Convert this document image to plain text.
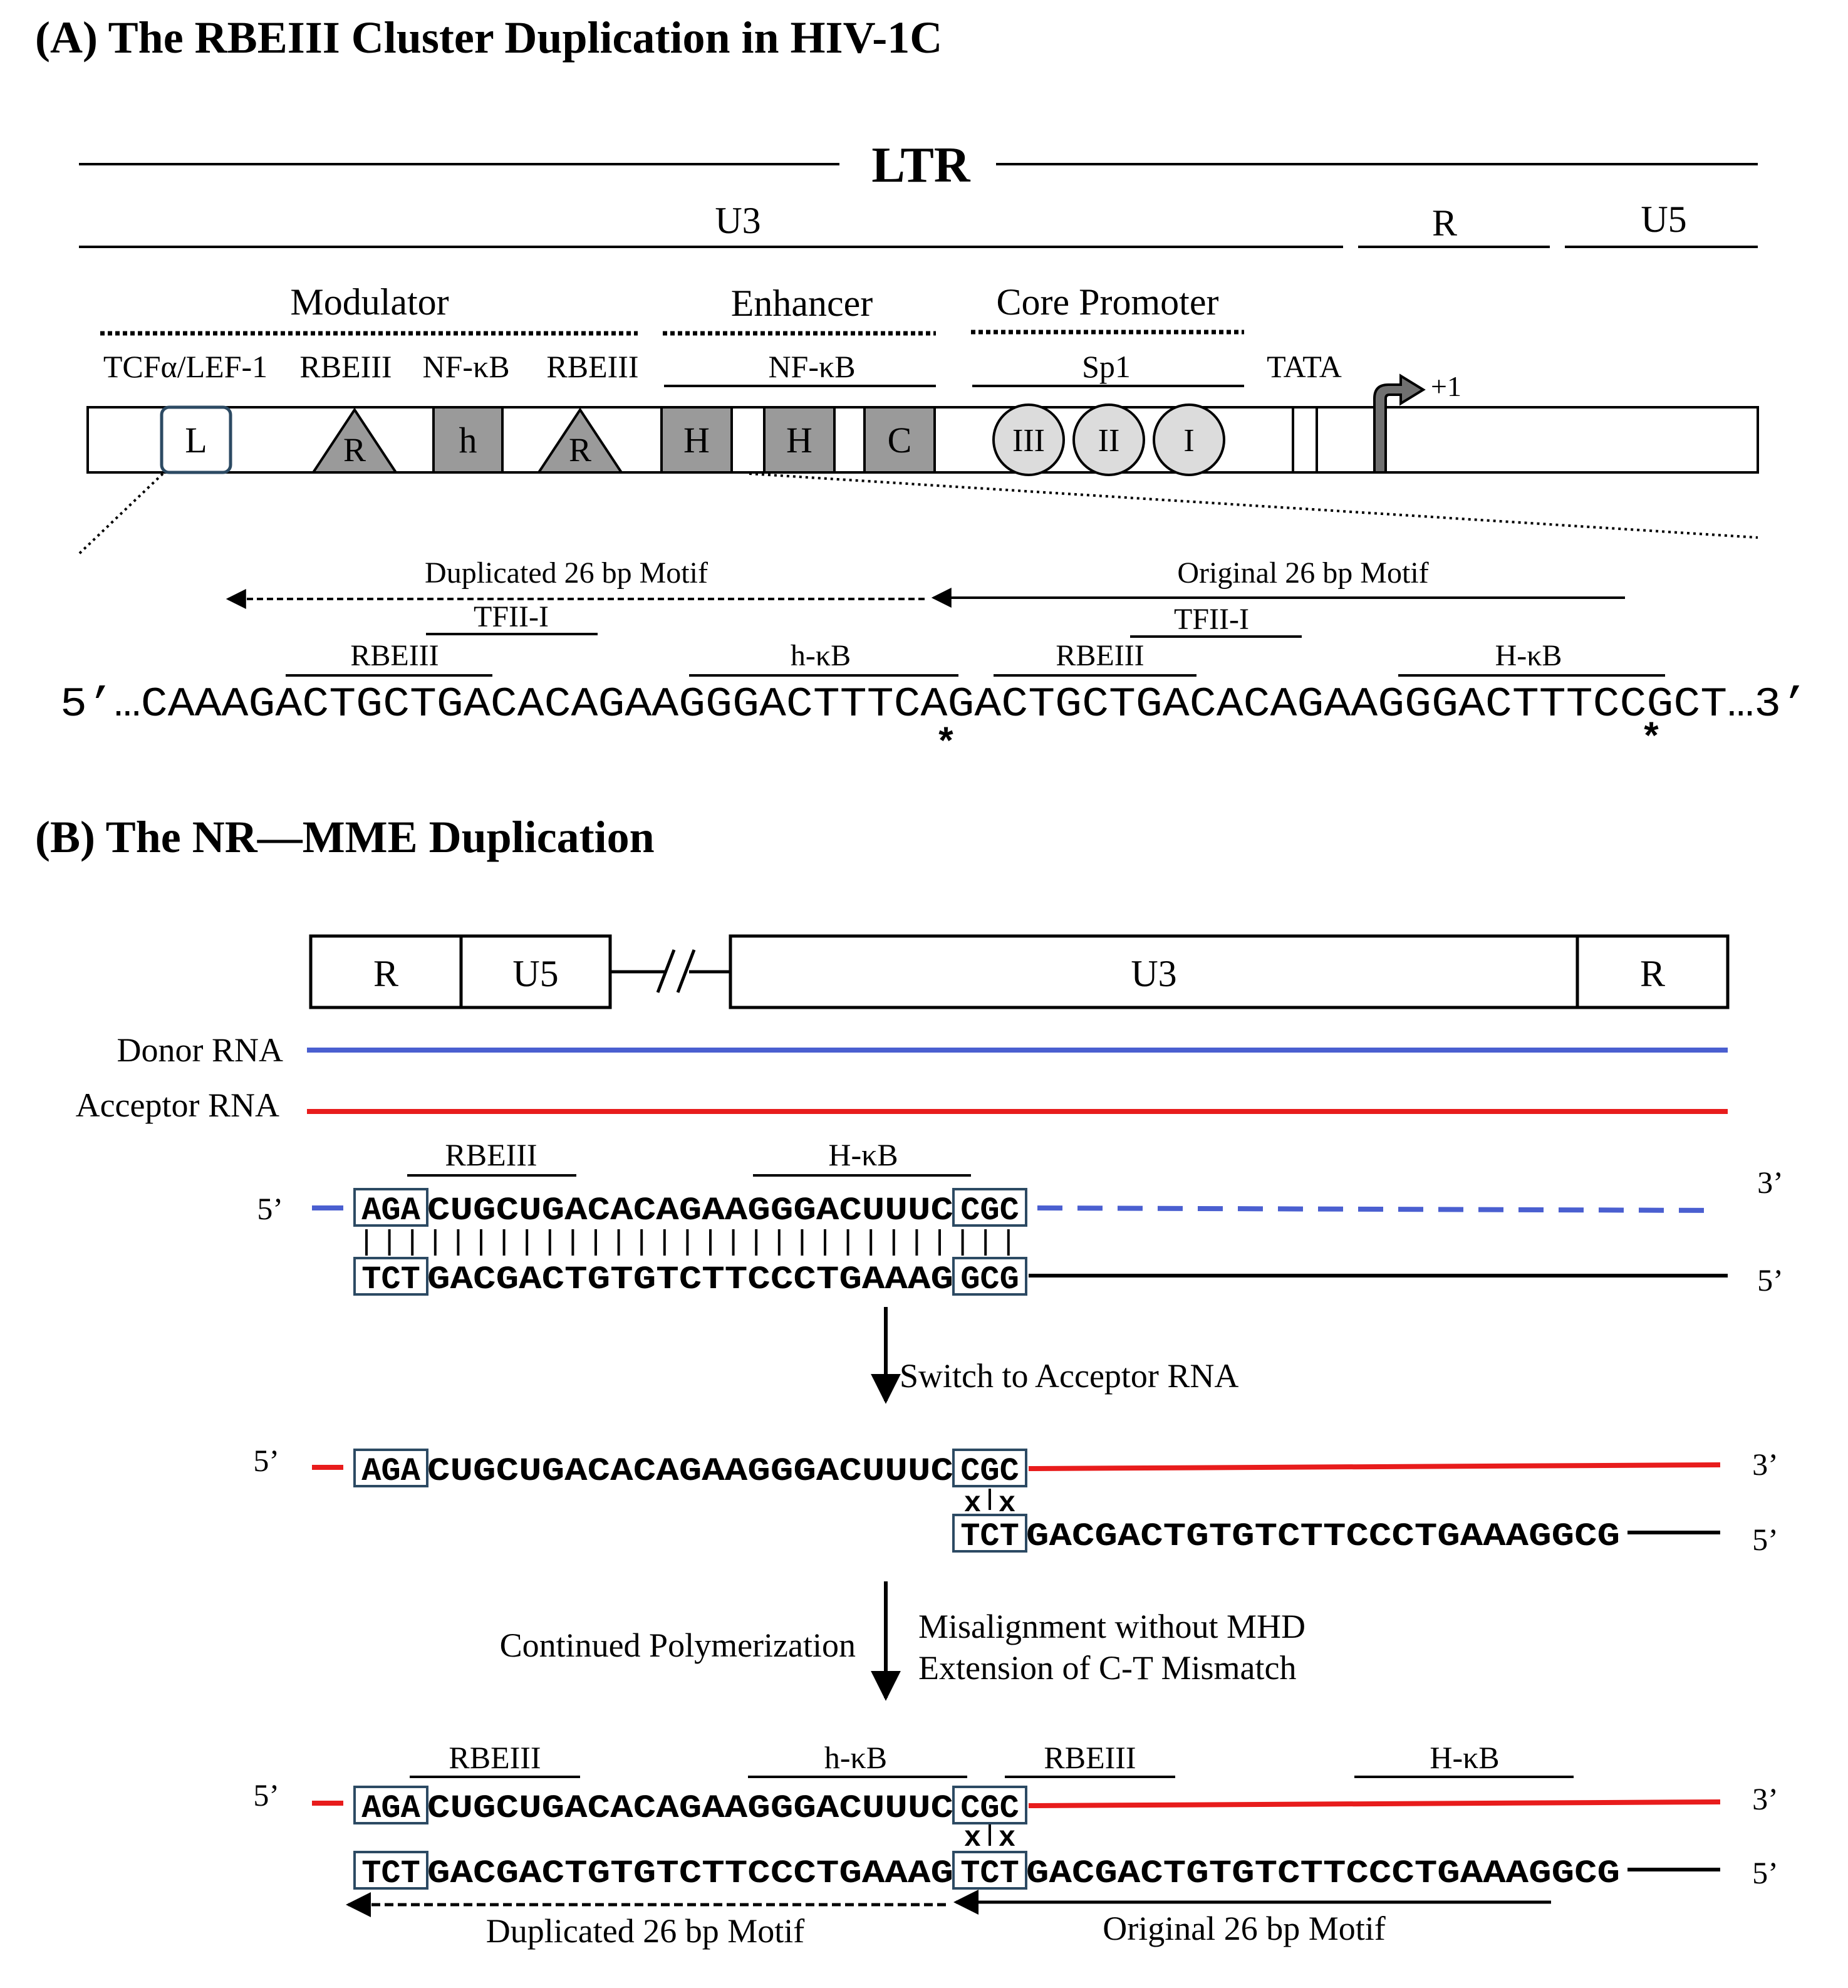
(A) The RBEIII Cluster Duplication in HIV-1C
LTR
U3	R	U5
Modulator	Enhancer	Core Promoter
TCFα/LEF-1 RBEIII NF-κB RBEIII	NF-κB	Sp1	TATA
L	R	h	R	H H C	III II I
+1
Duplicated 26 bp Motif	Original 26 bp Motif
TFII-I	TFII-I
RBEIII	h-κB	RBEIII	H-κB
5’…CAAAGACTGCTGACACAGAAGGGACTTTCAGACTGCTGACACAGAAGGGACTTTCCGCT…3’
*	*
(B) The NR—MME Duplication
R	U5	U3	R
Donor RNA
Acceptor RNA
RBEIII	H-κB
5’ AGA CUGCUGACACAGAAGGGACUUUC CGC
3’
TCT GACGACTGTGTCTTCCCTGAAAG GCG	5’
Switch to Acceptor RNA
5’	AGA CUGCUGACACAGAAGGGACUUUC CGC	3’
x x
TCT GACGACTGTGTCTTCCCTGAAAGGCG	5’
Continued Polymerization Misalignment without MHD
Extension of C-T Mismatch
RBEIII	h-κB	RBEIII	H-κB
5’	AGA CUGCUGACACAGAAGGGACUUUC CGC	3’
x x
TCT GACGACTGTGTCTTCCCTGAAAG TCT GACGACTGTGTCTTCCCTGAAAGGCG	5’
Duplicated 26 bp Motif	Original 26 bp Motif
